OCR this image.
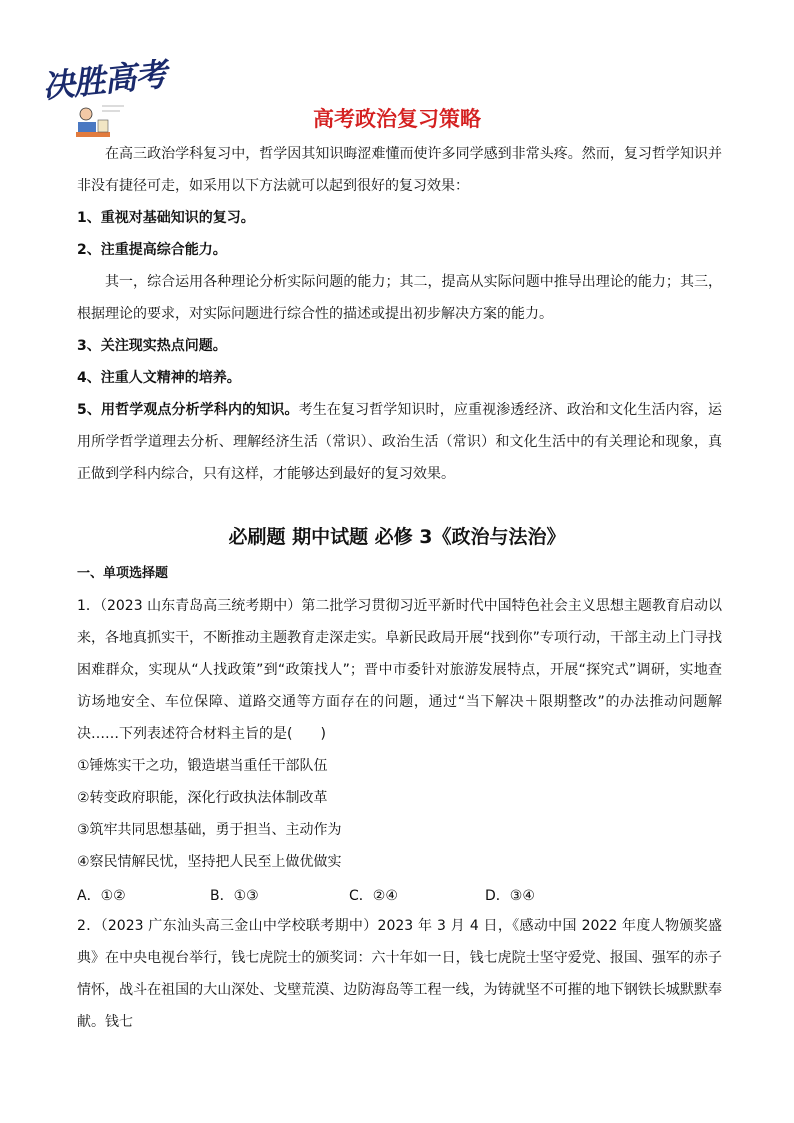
决胜高考
高考政治复习策略
在高三政治学科复习中，哲学因其知识晦涩难懂而使许多同学感到非常头疼。然而，复习哲学知识并非没有捷径可走，如采用以下方法就可以起到很好的复习效果：
1、重视对基础知识的复习。
2、注重提高综合能力。
其一，综合运用各种理论分析实际问题的能力；其二，提高从实际问题中推导出理论的能力；其三，根据理论的要求，对实际问题进行综合性的描述或提出初步解决方案的能力。
3、关注现实热点问题。
4、注重人文精神的培养。
5、用哲学观点分析学科内的知识。考生在复习哲学知识时，应重视渗透经济、政治和文化生活内容，运用所学哲学道理去分析、理解经济生活（常识）、政治生活（常识）和文化生活中的有关理论和现象，真正做到学科内综合，只有这样，才能够达到最好的复习效果。
必刷题 期中试题 必修 3《政治与法治》
一、单项选择题
1．（2023 山东青岛高三统考期中）第二批学习贯彻习近平新时代中国特色社会主义思想主题教育启动以来，各地真抓实干，不断推动主题教育走深走实。阜新民政局开展“找到你”专项行动，干部主动上门寻找困难群众，实现从“人找政策”到“政策找人”；晋中市委针对旅游发展特点，开展“探究式”调研，实地查访场地安全、车位保障、道路交通等方面存在的问题，通过“当下解决＋限期整改”的办法推动问题解决……下列表述符合材料主旨的是(　　)
①锤炼实干之功，锻造堪当重任干部队伍
②转变政府职能，深化行政执法体制改革
③筑牢共同思想基础，勇于担当、主动作为
④察民情解民忧，坚持把人民至上做优做实
A．①②	B．①③	C．②④	D．③④
2．（2023 广东汕头高三金山中学校联考期中）2023 年 3 月 4 日，《感动中国 2022 年度人物颁奖盛典》在中央电视台举行，钱七虎院士的颁奖词：六十年如一日，钱七虎院士坚守爱党、报国、强军的赤子情怀，战斗在祖国的大山深处、戈壁荒漠、边防海岛等工程一线，为铸就坚不可摧的地下钢铁长城默默奉献。钱七
